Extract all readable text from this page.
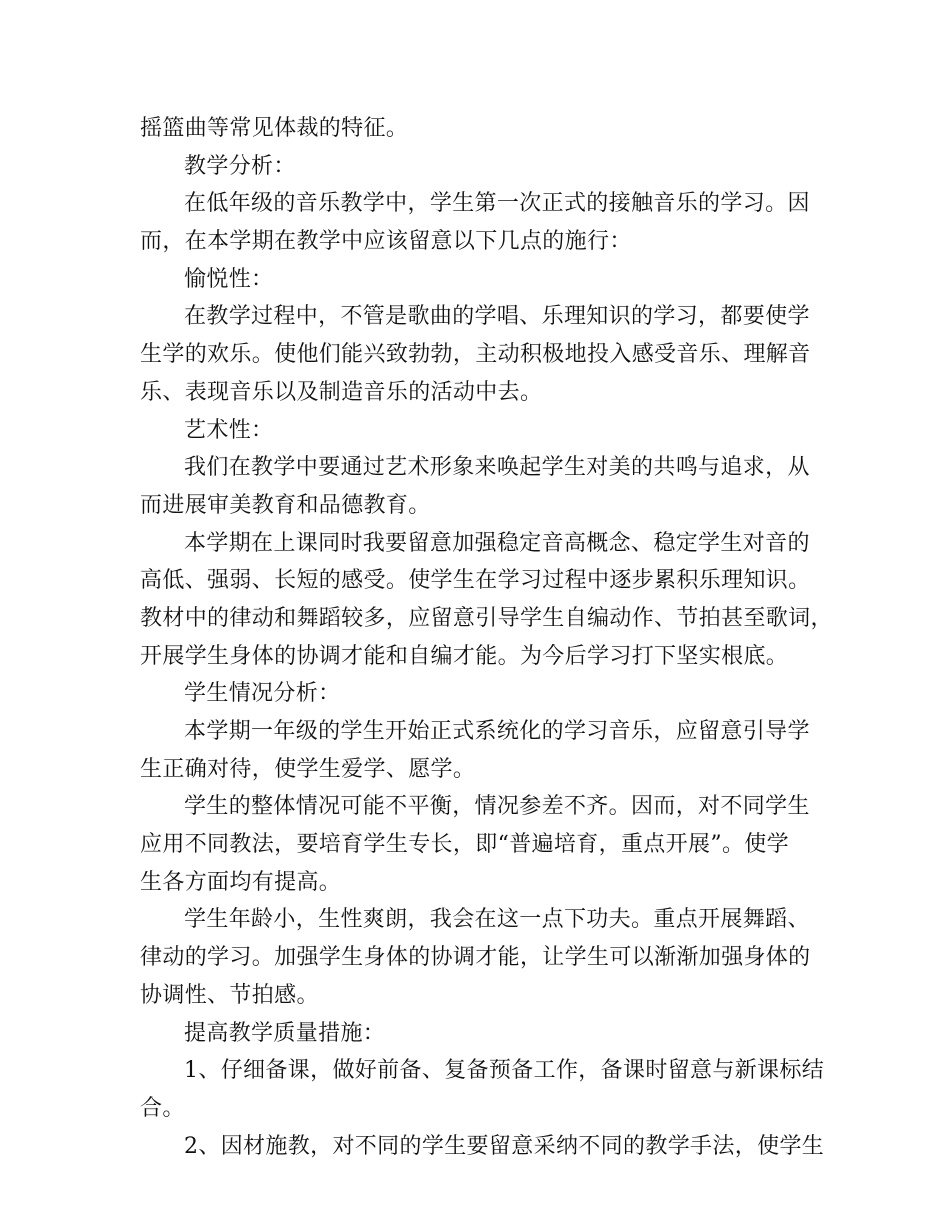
摇篮曲等常见体裁的特征。
教学分析：
在低年级的音乐教学中，学生第一次正式的接触音乐的学习。因
而，在本学期在教学中应该留意以下几点的施行：
愉悦性：
在教学过程中，不管是歌曲的学唱、乐理知识的学习，都要使学
生学的欢乐。使他们能兴致勃勃，主动积极地投入感受音乐、理解音
乐、表现音乐以及制造音乐的活动中去。
艺术性：
我们在教学中要通过艺术形象来唤起学生对美的共鸣与追求，从
而进展审美教育和品德教育。
本学期在上课同时我要留意加强稳定音高概念、稳定学生对音的
高低、强弱、长短的感受。使学生在学习过程中逐步累积乐理知识。
教材中的律动和舞蹈较多，应留意引导学生自编动作、节拍甚至歌词，
开展学生身体的协调才能和自编才能。为今后学习打下坚实根底。
学生情况分析：
本学期一年级的学生开始正式系统化的学习音乐，应留意引导学
生正确对待，使学生爱学、愿学。
学生的整体情况可能不平衡，情况参差不齐。因而，对不同学生
应用不同教法，要培育学生专长，即“普遍培育，重点开展”。使学
生各方面均有提高。
学生年龄小，生性爽朗，我会在这一点下功夫。重点开展舞蹈、
律动的学习。加强学生身体的协调才能，让学生可以渐渐加强身体的
协调性、节拍感。
提高教学质量措施：
1、仔细备课，做好前备、复备预备工作，备课时留意与新课标结
合。
2、因材施教，对不同的学生要留意采纳不同的教学手法，使学生
